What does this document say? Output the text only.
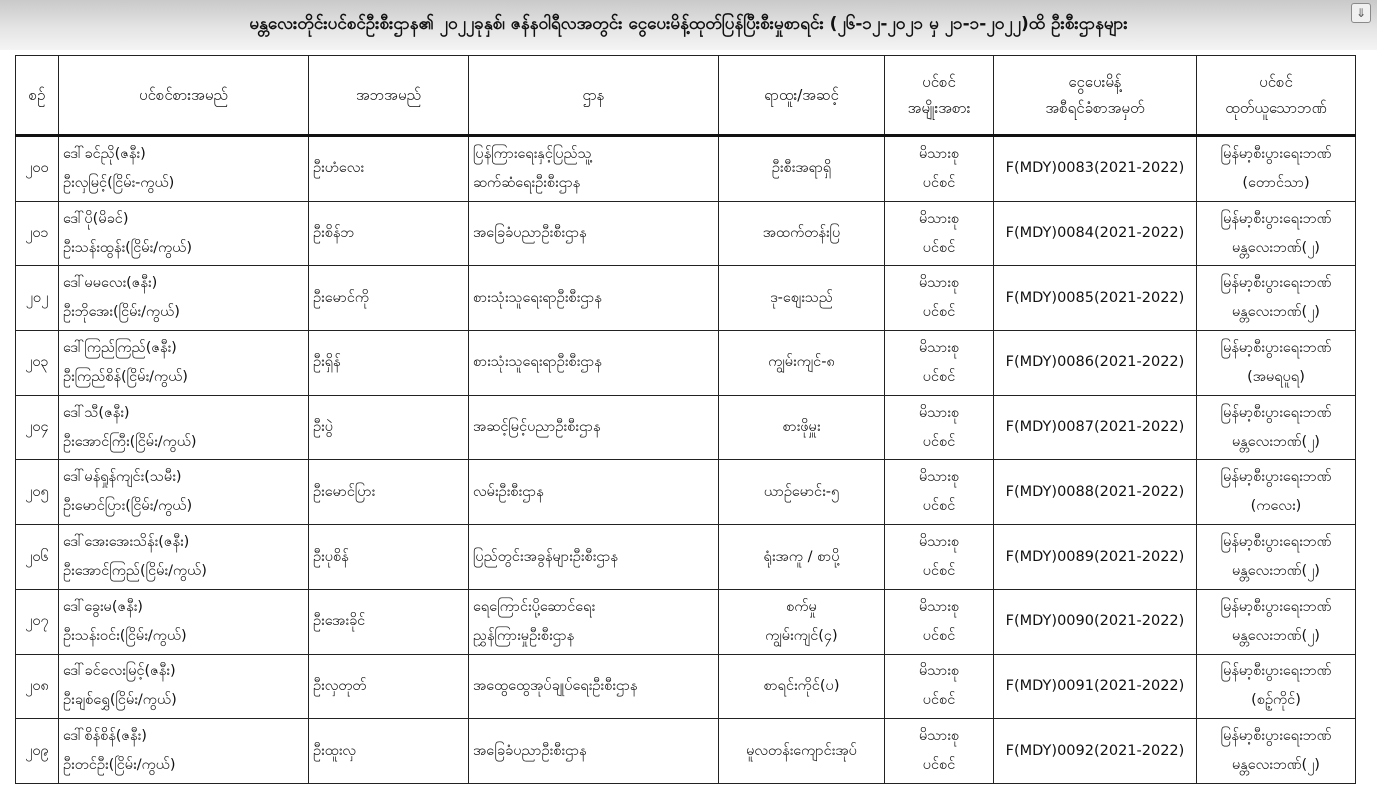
မန္တလေးတိုင်းပင်စင်ဦးစီးဌာန၏ ၂၀၂၂ခုနှစ်၊ ဇန်နဝါရီလအတွင်း ငွေပေးမိန့်ထုတ်ပြန်ပြီးစီးမှုစာရင်း (၂၆-၁၂-၂၀၂၁ မှ ၂၁-၁-၂၀၂၂)ထိ ဦးစီးဌာနများ
⇓
စဉ်	ပင်စင်စားအမည်	အဘအမည်	ဌာန	ရာထူး/အဆင့်	ပင်စင်
အမျိုးအစား	ငွေပေးမိန့်
အစီရင်ခံစာအမှတ်	ပင်စင်
ထုတ်ယူသောဘဏ်

၂၀၀	ဒေါ်ခင်ညို(ဇနီး)
ဦးလှမြင့်(ငြိမ်း-ကွယ်)	ဦးဟံလေး	ပြန်ကြားရေးနှင့်ပြည်သူ့
ဆက်ဆံရေးဦးစီးဌာန	ဦးစီးအရာရှိ	မိသားစု
ပင်စင်	F(MDY)0083(2021-2022)	မြန်မာ့စီးပွားရေးဘဏ်
(တောင်သာ)

၂၀၁	ဒေါ်ပို(မိခင်)
ဦးသန်းထွန်း(ငြိမ်း/ကွယ်)	ဦးစိန်ဘ	အခြေခံပညာဦးစီးဌာန	အထက်တန်းပြ	မိသားစု
ပင်စင်	F(MDY)0084(2021-2022)	မြန်မာ့စီးပွားရေးဘဏ်
မန္တလေးဘဏ်(၂)

၂၀၂	ဒေါ်မမလေး(ဇနီး)
ဦးဘိုအေး(ငြိမ်း/ကွယ်)	ဦးမောင်ကို	စားသုံးသူရေးရာဦးစီးဌာန	ဒု-စျေးသည်	မိသားစု
ပင်စင်	F(MDY)0085(2021-2022)	မြန်မာ့စီးပွားရေးဘဏ်
မန္တလေးဘဏ်(၂)

၂၀၃	ဒေါ်ကြည်ကြည်(ဇနီး)
ဦးကြည်စိန်(ငြိမ်း/ကွယ်)	ဦးရှိန်	စားသုံးသူရေးရာဦးစီးဌာန	ကျွမ်းကျင်-၈	မိသားစု
ပင်စင်	F(MDY)0086(2021-2022)	မြန်မာ့စီးပွားရေးဘဏ်
(အမရပူရ)

၂၀၄	ဒေါ်သီ(ဇနီး)
ဦးအောင်ကြီး(ငြိမ်း/ကွယ်)	ဦးပွဲ	အဆင့်မြင့်ပညာဦးစီးဌာန	စားဖိုမှူး	မိသားစု
ပင်စင်	F(MDY)0087(2021-2022)	မြန်မာ့စီးပွားရေးဘဏ်
မန္တလေးဘဏ်(၂)

၂၀၅	ဒေါ်မန်ရှုန်ကျင်း(သမီး)
ဦးမောင်ပြား(ငြိမ်း/ကွယ်)	ဦးမောင်ပြား	လမ်းဦးစီးဌာန	ယာဉ်မောင်း-၅	မိသားစု
ပင်စင်	F(MDY)0088(2021-2022)	မြန်မာ့စီးပွားရေးဘဏ်
(ကလေး)

၂၀၆	ဒေါ်အေးအေးသိန်း(ဇနီး)
ဦးအောင်ကြည်(ငြိမ်း/ကွယ်)	ဦးပုစိန်	ပြည်တွင်းအခွန်များဦးစီးဌာန	ရုံးအကူ / စာပို့	မိသားစု
ပင်စင်	F(MDY)0089(2021-2022)	မြန်မာ့စီးပွားရေးဘဏ်
မန္တလေးဘဏ်(၂)

၂၀၇	ဒေါ်ခွေးမ(ဇနီး)
ဦးသန်းဝင်း(ငြိမ်း/ကွယ်)	ဦးအေးခိုင်	ရေကြောင်းပို့ဆောင်ရေး
ညွှန်ကြားမှုဦးစီးဌာန	စက်မှု
ကျွမ်းကျင်(၄)	မိသားစု
ပင်စင်	F(MDY)0090(2021-2022)	မြန်မာ့စီးပွားရေးဘဏ်
မန္တလေးဘဏ်(၂)

၂၀၈	ဒေါ်ခင်လေးမြင့်(ဇနီး)
ဦးချစ်ရွှေ(ငြိမ်း/ကွယ်)	ဦးလှတုတ်	အထွေထွေအုပ်ချုပ်ရေးဦးစီးဌာန	စာရင်းကိုင်(ပ)	မိသားစု
ပင်စင်	F(MDY)0091(2021-2022)	မြန်မာ့စီးပွားရေးဘဏ်
(စဥ့်ကိုင်)

၂၀၉	ဒေါ်စိန်စိန်(ဇနီး)
ဦးတင်ဦး(ငြိမ်း/ကွယ်)	ဦးထူးလှ	အခြေခံပညာဦးစီးဌာန	မူလတန်းကျောင်းအုပ်	မိသားစု
ပင်စင်	F(MDY)0092(2021-2022)	မြန်မာ့စီးပွားရေးဘဏ်
မန္တလေးဘဏ်(၂)
